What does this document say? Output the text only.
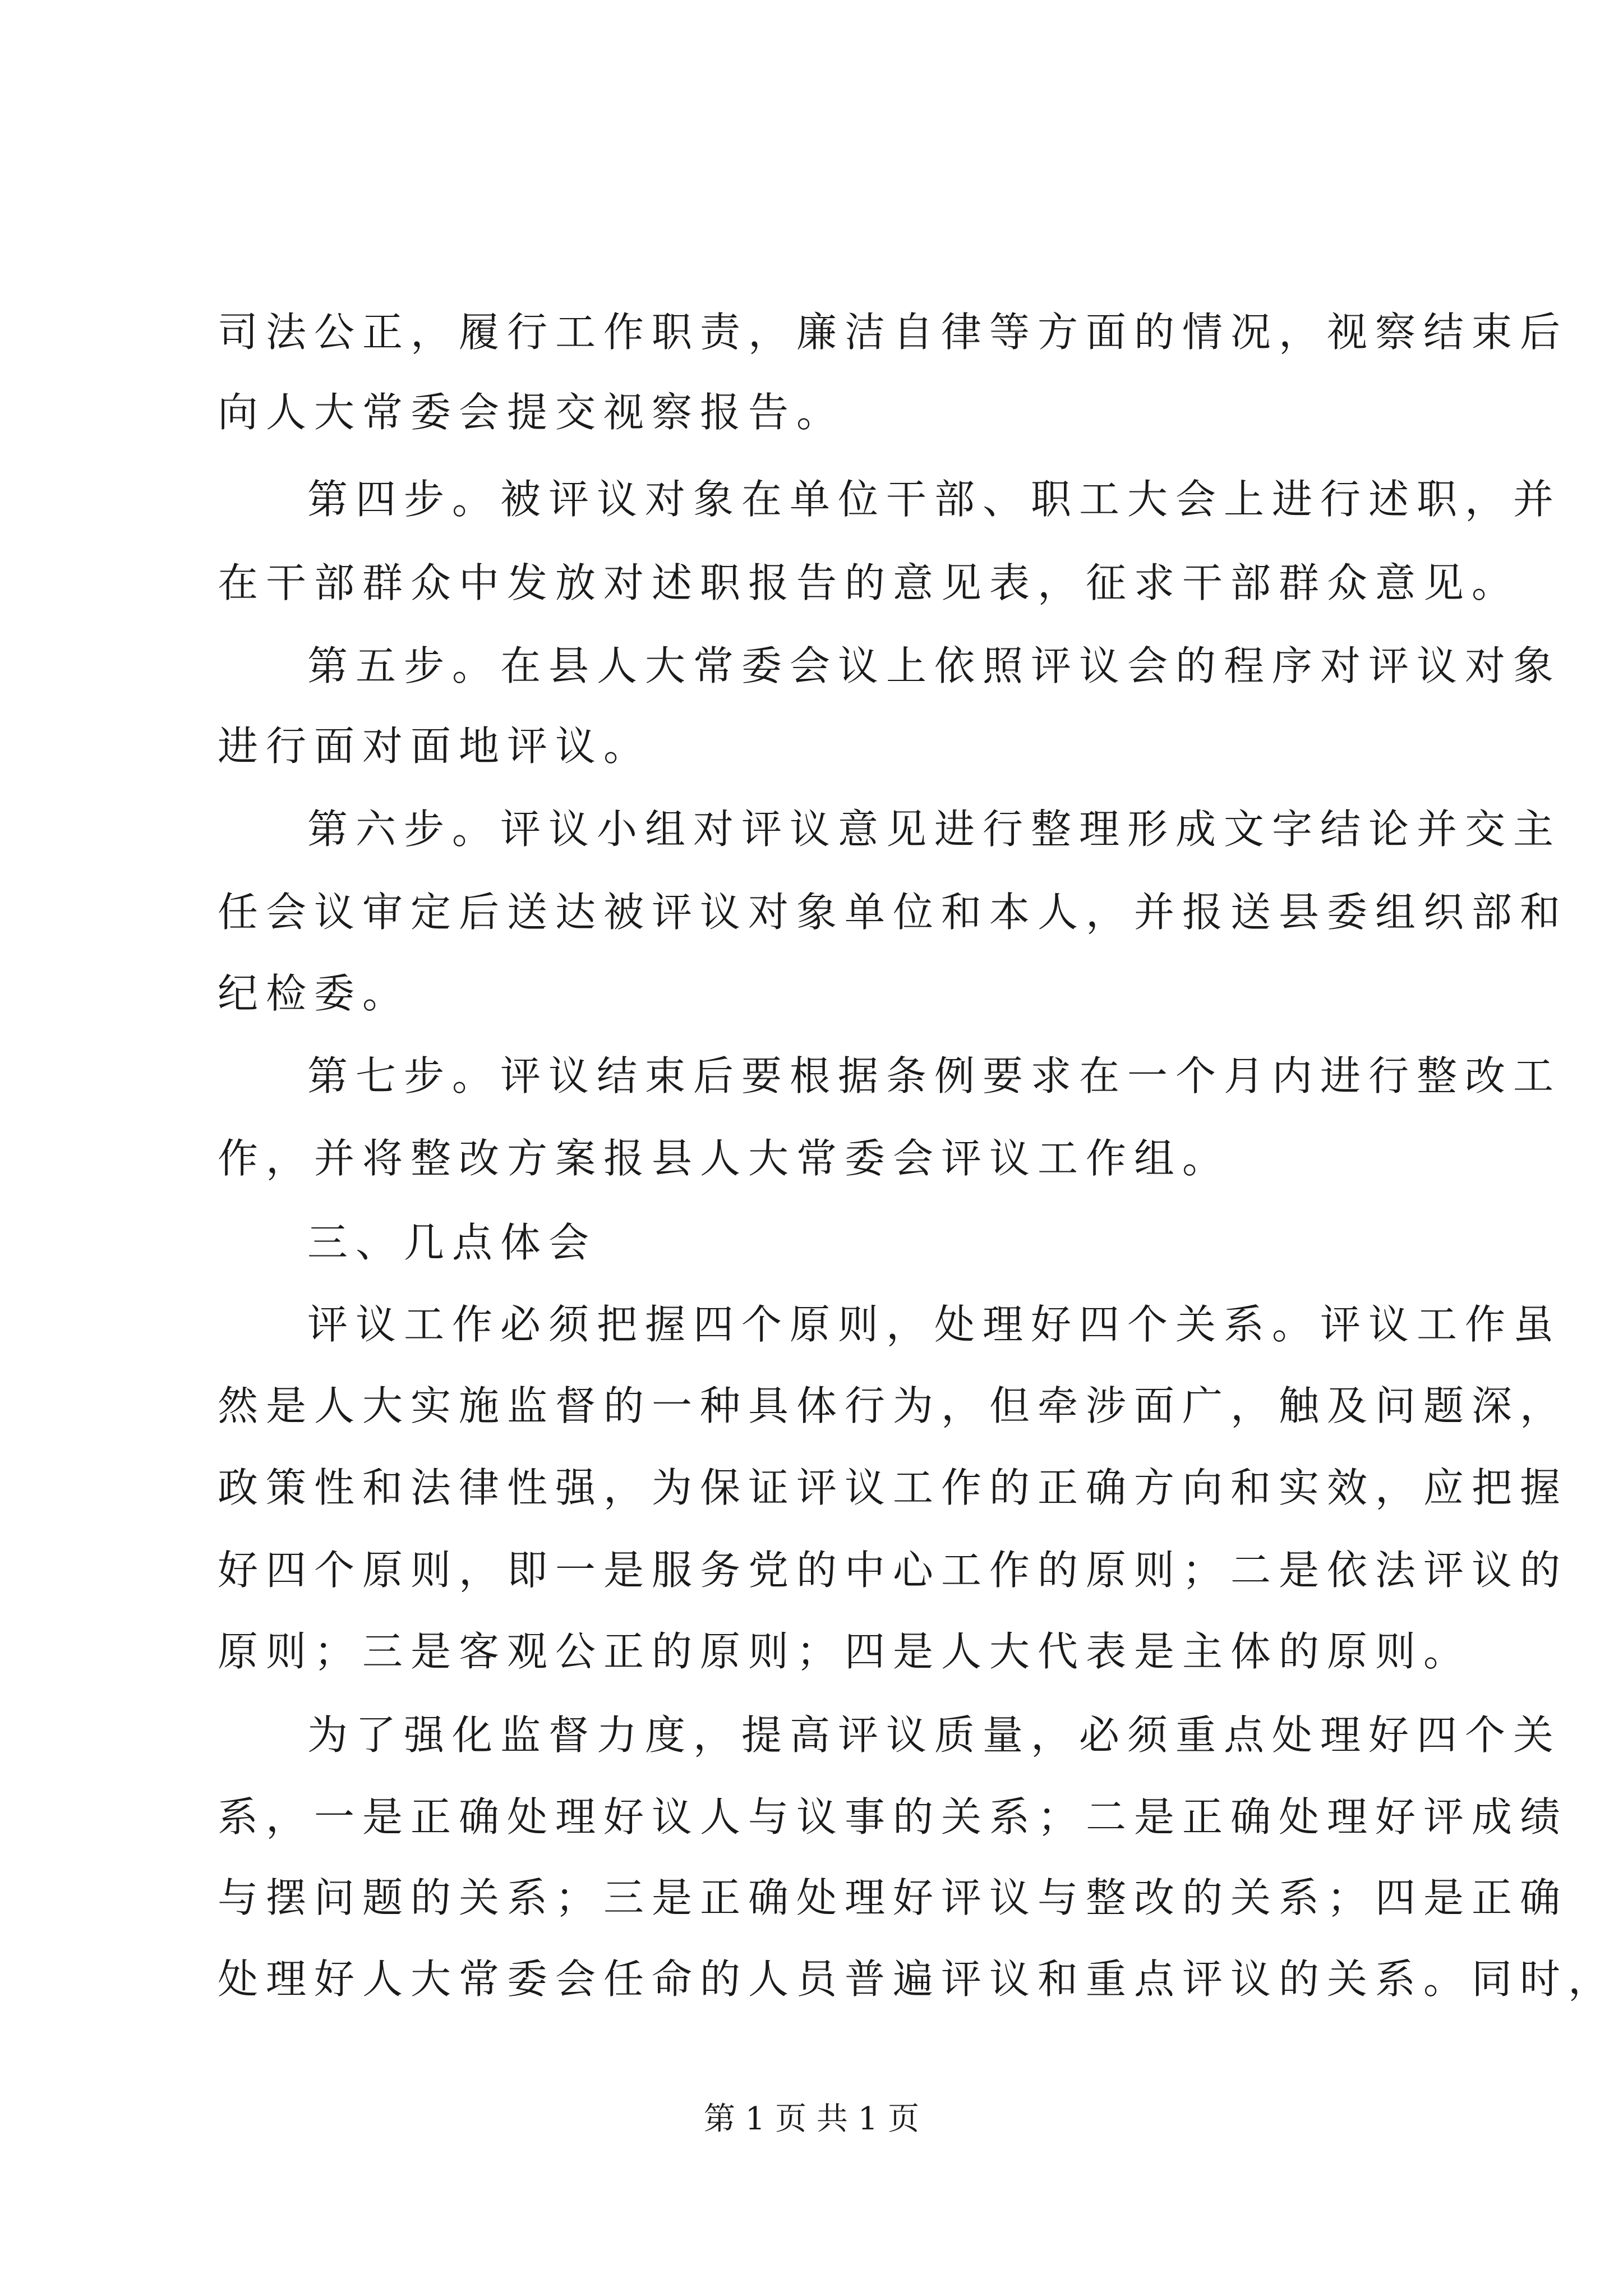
司法公正，履行工作职责，廉洁自律等方面的情况，视察结束后
向人大常委会提交视察报告。
第四步。被评议对象在单位干部、职工大会上进行述职，并
在干部群众中发放对述职报告的意见表，征求干部群众意见。
第五步。在县人大常委会议上依照评议会的程序对评议对象
进行面对面地评议。
第六步。评议小组对评议意见进行整理形成文字结论并交主
任会议审定后送达被评议对象单位和本人，并报送县委组织部和
纪检委。
第七步。评议结束后要根据条例要求在一个月内进行整改工
作，并将整改方案报县人大常委会评议工作组。
三、几点体会
评议工作必须把握四个原则，处理好四个关系。评议工作虽
然是人大实施监督的一种具体行为，但牵涉面广，触及问题深，
政策性和法律性强，为保证评议工作的正确方向和实效，应把握
好四个原则，即一是服务党的中心工作的原则；二是依法评议的
原则；三是客观公正的原则；四是人大代表是主体的原则。
为了强化监督力度，提高评议质量，必须重点处理好四个关
系，一是正确处理好议人与议事的关系；二是正确处理好评成绩
与摆问题的关系；三是正确处理好评议与整改的关系；四是正确
处理好人大常委会任命的人员普遍评议和重点评议的关系。同时，
第 1 页 共 1 页
